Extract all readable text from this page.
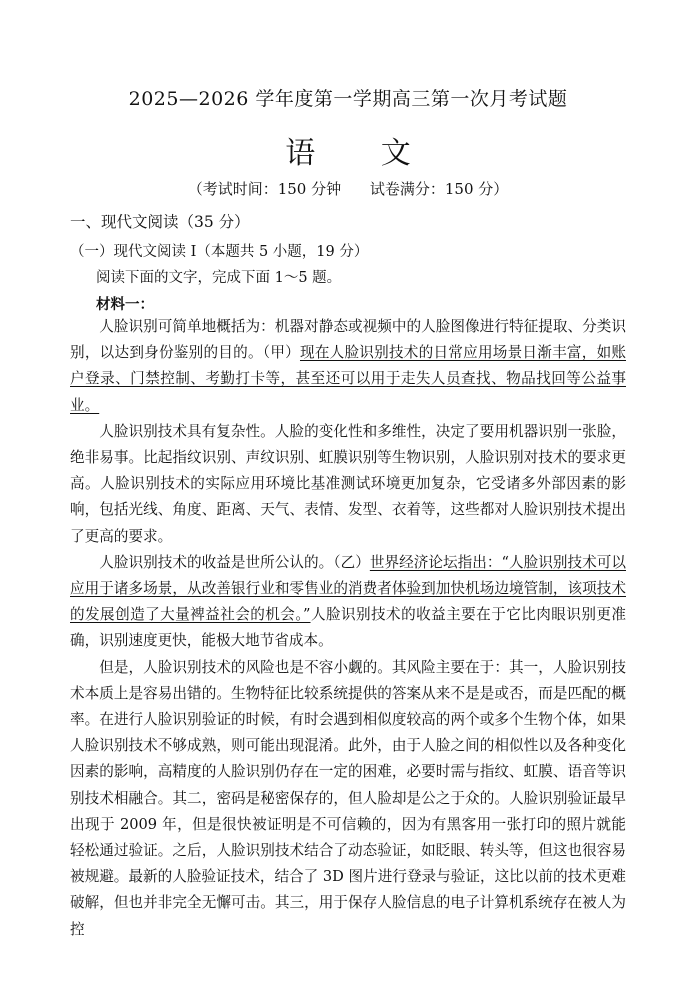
2025—2026 学年度第一学期高三第一次月考试题
语 文
（考试时间：150 分钟 试卷满分：150 分）
一、现代文阅读（35 分）
（一）现代文阅读 I（本题共 5 小题，19 分）
阅读下面的文字，完成下面 1～5 题。
材料一：

人脸识别可简单地概括为：机器对静态或视频中的人脸图像进行特征提取、分类识别，以达到身份鉴别的目的。（甲）现在人脸识别技术的日常应用场景日渐丰富，如账户登录、门禁控制、考勤打卡等，甚至还可以用于走失人员查找、物品找回等公益事业。

人脸识别技术具有复杂性。人脸的变化性和多维性，决定了要用机器识别一张脸，绝非易事。比起指纹识别、声纹识别、虹膜识别等生物识别，人脸识别对技术的要求更高。人脸识别技术的实际应用环境比基准测试环境更加复杂，它受诸多外部因素的影响，包括光线、角度、距离、天气、表情、发型、衣着等，这些都对人脸识别技术提出了更高的要求。

人脸识别技术的收益是世所公认的。（乙）世界经济论坛指出：“人脸识别技术可以应用于诸多场景，从改善银行业和零售业的消费者体验到加快机场边境管制，该项技术的发展创造了大量裨益社会的机会。”人脸识别技术的收益主要在于它比肉眼识别更准确，识别速度更快，能极大地节省成本。

但是，人脸识别技术的风险也是不容小觑的。其风险主要在于：其一，人脸识别技术本质上是容易出错的。生物特征比较系统提供的答案从来不是是或否，而是匹配的概率。在进行人脸识别验证的时候，有时会遇到相似度较高的两个或多个生物个体，如果人脸识别技术不够成熟，则可能出现混淆。此外，由于人脸之间的相似性以及各种变化因素的影响，高精度的人脸识别仍存在一定的困难，必要时需与指纹、虹膜、语音等识别技术相融合。其二，密码是秘密保存的，但人脸却是公之于众的。人脸识别验证最早出现于 2009 年，但是很快被证明是不可信赖的，因为有黑客用一张打印的照片就能轻松通过验证。之后，人脸识别技术结合了动态验证，如眨眼、转头等，但这也很容易被规避。最新的人脸验证技术，结合了 3D 图片进行登录与验证，这比以前的技术更难破解，但也并非完全无懈可击。其三，用于保存人脸信息的电子计算机系统存在被人为控
